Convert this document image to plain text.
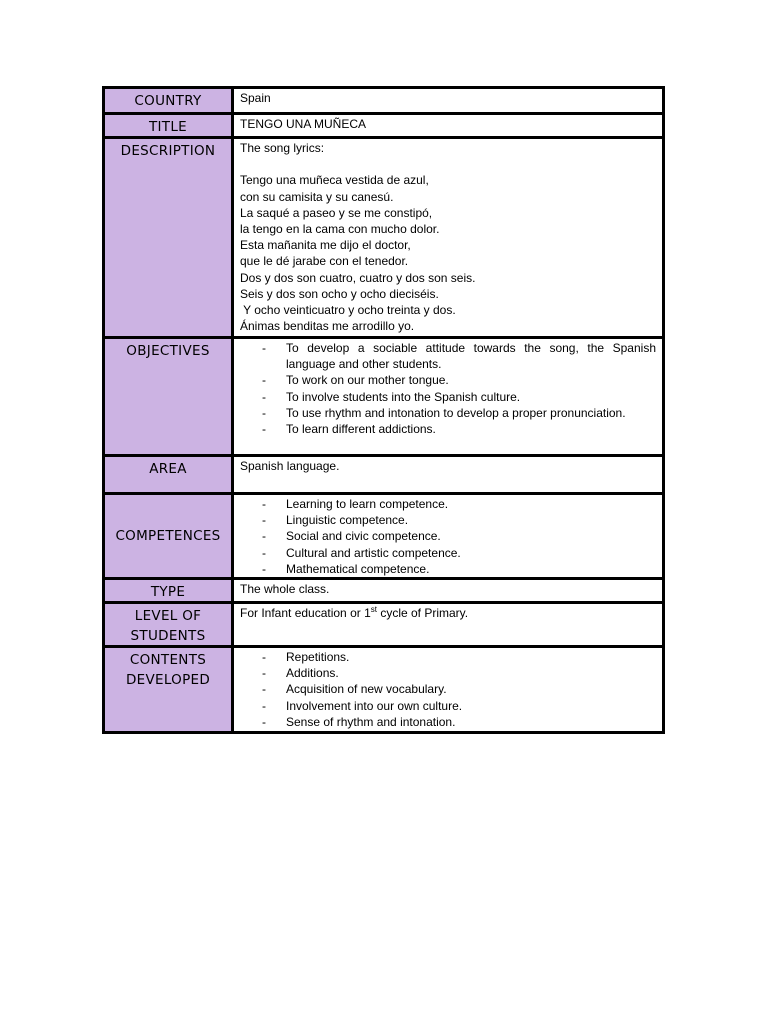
COUNTRY	Spain

TITLE	TENGO UNA MUÑECA

DESCRIPTION	The song lyrics:

Tengo una muñeca vestida de azul,

con su camisita y su canesú.

La saqué a paseo y se me constipó,

la tengo en la cama con mucho dolor.

Esta mañanita me dijo el doctor,

que le dé jarabe con el tenedor.

Dos y dos son cuatro, cuatro y dos son seis.

Seis y dos son ocho y ocho dieciséis.

Y ocho veinticuatro y ocho treinta y dos.

Ánimas benditas me arrodillo yo.

OBJECTIVES
-	To develop a sociable attitude towards the song, the Spanish language and other students.
- To work on our mother tongue.
- To involve students into the Spanish culture.
- To use rhythm and intonation to develop a proper pronunciation.
- To learn different addictions.
AREA	Spanish language.

COMPETENCES
- Learning to learn competence.
- Linguistic competence.
- Social and civic competence.
- Cultural and artistic competence.
- Mathematical competence.
TYPE	The whole class.

LEVEL OF
STUDENTS

For Infant education or 1st cycle of Primary.

CONTENTS
DEVELOPED
- Repetitions.
- Additions.
- Acquisition of new vocabulary.
- Involvement into our own culture.
- Sense of rhythm and intonation.
